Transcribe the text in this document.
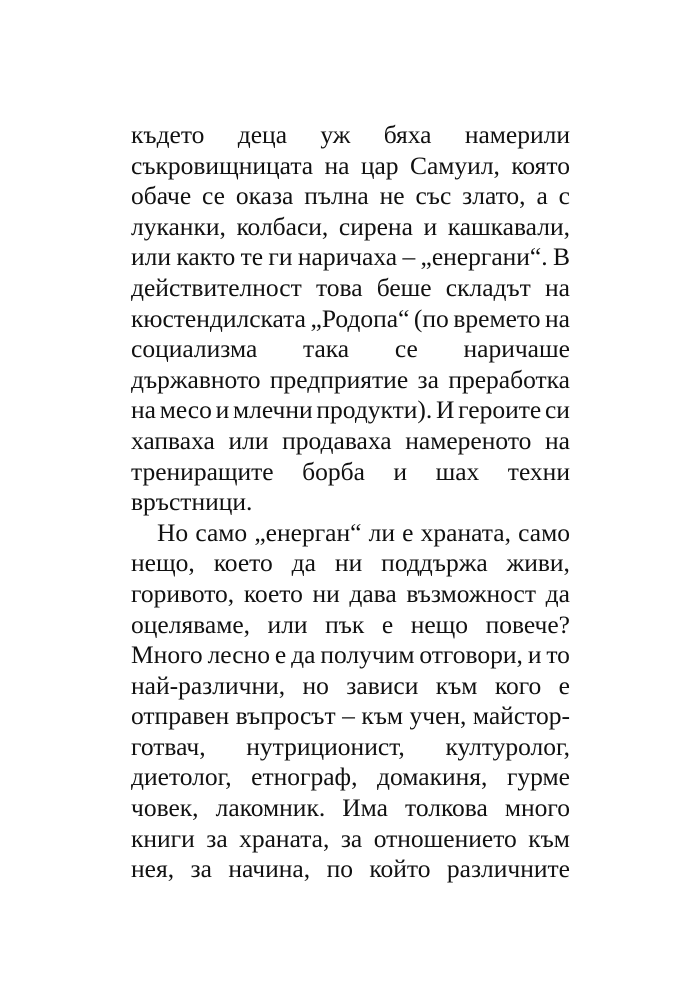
където деца уж бяха намерили
съкровищницата на цар Самуил, която
обаче се оказа пълна не със злато, а с
луканки, колбаси, сирена и кашкавали,
или както те ги наричаха – „енергани“. В
действителност това беше складът на
кюстендилската „Родопа“ (по времето на
социализма така се наричаше
държавното предприятие за преработка
на месо и млечни продукти). И героите си
хапваха или продаваха намереното на
трениращите борба и шах техни
връстници.
Но само „енерган“ ли е храната, само
нещо, което да ни поддържа живи,
горивото, което ни дава възможност да
оцеляваме, или пък е нещо повече?
Много лесно е да получим отговори, и то
най-различни, но зависи към кого е
отправен въпросът – към учен, майстор-
готвач, нутриционист, културолог,
диетолог, етнограф, домакиня, гурме
човек, лакомник. Има толкова много
книги за храната, за отношението към
нея, за начина, по който различните
